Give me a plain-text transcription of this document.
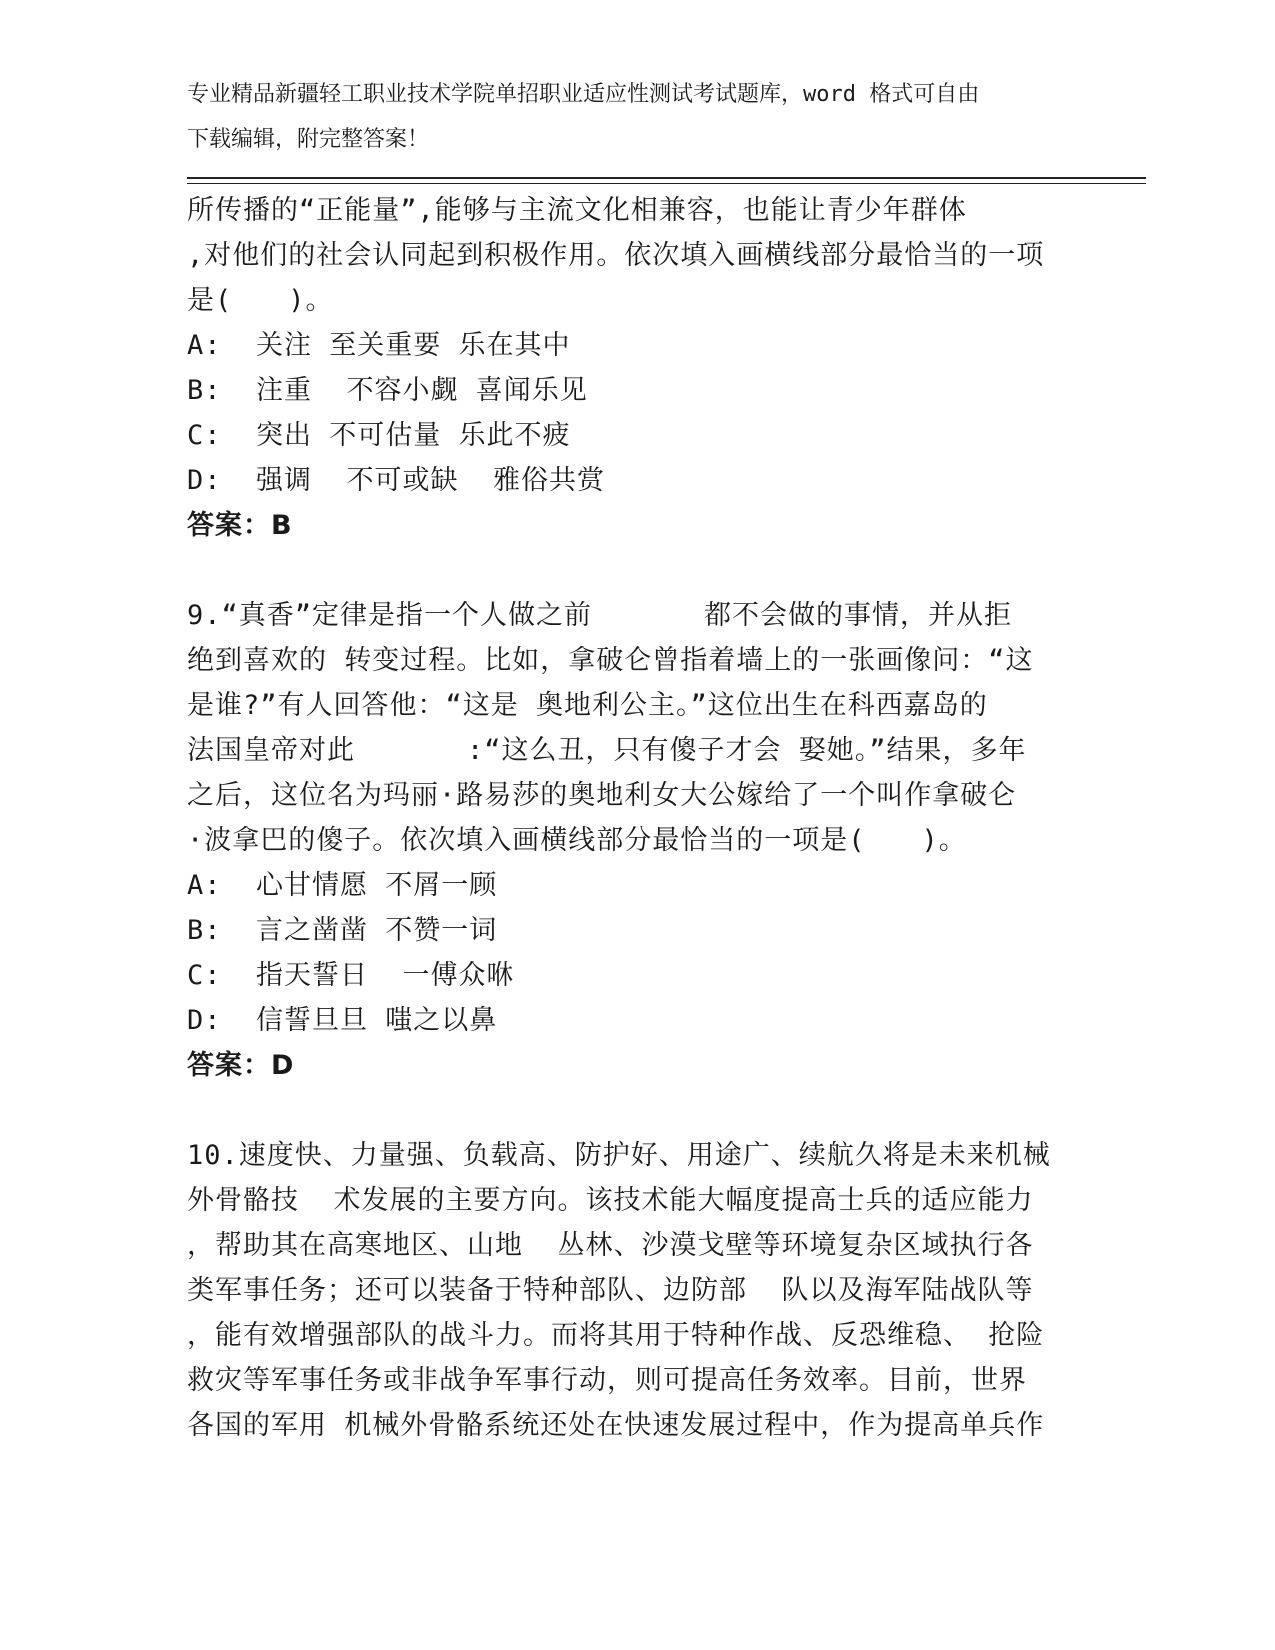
专业精品新疆轻工职业技术学院单招职业适应性测试考试题库，word 格式可自由
下载编辑，附完整答案！
所传播的“正能量”,能够与主流文化相兼容，也能让青少年群体
,对他们的社会认同起到积极作用。依次填入画横线部分最恰当的一项
是(　　)。
A:  关注 至关重要 乐在其中
B:  注重  不容小觑 喜闻乐见
C:  突出 不可估量 乐此不疲
D:  强调  不可或缺  雅俗共赏
答案：B
9.“真香”定律是指一个人做之前　　　　都不会做的事情，并从拒
绝到喜欢的 转变过程。比如，拿破仑曾指着墙上的一张画像问：“这
是谁?”有人回答他：“这是 奥地利公主。”这位出生在科西嘉岛的
法国皇帝对此　　　　:“这么丑，只有傻子才会 娶她。”结果，多年
之后，这位名为玛丽·路易莎的奥地利女大公嫁给了一个叫作拿破仑
·波拿巴的傻子。依次填入画横线部分最恰当的一项是(　　)。
A:  心甘情愿 不屑一顾
B:  言之凿凿 不赞一词
C:  指天誓日  一傅众咻
D:  信誓旦旦 嗤之以鼻
答案：D
10.速度快、力量强、负载高、防护好、用途广、续航久将是未来机械
外骨骼技  术发展的主要方向。该技术能大幅度提高士兵的适应能力
，帮助其在高寒地区、山地  丛林、沙漠戈壁等环境复杂区域执行各
类军事任务；还可以装备于特种部队、边防部  队以及海军陆战队等
，能有效增强部队的战斗力。而将其用于特种作战、反恐维稳、 抢险
救灾等军事任务或非战争军事行动，则可提高任务效率。目前，世界
各国的军用 机械外骨骼系统还处在快速发展过程中，作为提高单兵作
